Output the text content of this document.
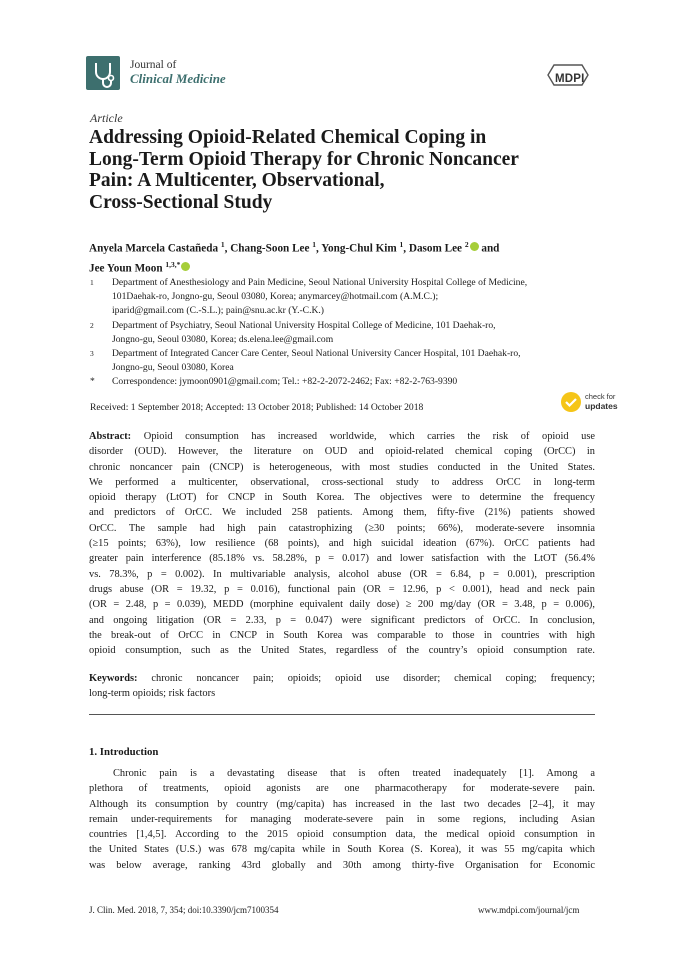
Journal of
Clinical Medicine	MDPI
Article
Addressing Opioid-Related Chemical Coping in
Long-Term Opioid Therapy for Chronic Noncancer
Pain: A Multicenter, Observational,
Cross-Sectional Study
Anyela Marcela Castañeda $^1$, Chang-Soon Lee $^1$, Yong-Chul Kim $^1$, Dasom Lee $^2$ and
Jee Youn Moon $^{1,3,*}$
1 Department of Anesthesiology and Pain Medicine, Seoul National University Hospital College of Medicine,
101Daehak-ro, Jongno-gu, Seoul 03080, Korea; anymarcey@hotmail.com (A.M.C.);
iparid@gmail.com (C.-S.L.); pain@snu.ac.kr (Y.-C.K.)
2 Department of Psychiatry, Seoul National University Hospital College of Medicine, 101 Daehak-ro,
Jongno-gu, Seoul 03080, Korea; ds.elena.lee@gmail.com
3 Department of Integrated Cancer Care Center, Seoul National University Cancer Hospital, 101 Daehak-ro,
Jongno-gu, Seoul 03080, Korea
* Correspondence: jymoon0901@gmail.com; Tel.: +82-2-2072-2462; Fax: +82-2-763-9390
Received: 1 September 2018; Accepted: 13 October 2018; Published: 14 October 2018
check for
updates
Abstract: Opioid consumption has increased worldwide, which carries the risk of opioid use
disorder (OUD). However, the literature on OUD and opioid-related chemical coping (OrCC) in
chronic noncancer pain (CNCP) is heterogeneous, with most studies conducted in the United States.
We performed a multicenter, observational, cross-sectional study to address OrCC in long-term
opioid therapy (LtOT) for CNCP in South Korea. The objectives were to determine the frequency
and predictors of OrCC. We included 258 patients. Among them, fifty-five (21%) patients showed
OrCC. The sample had high pain catastrophizing (≥30 points; 66%), moderate-severe insomnia
(≥15 points; 63%), low resilience (68 points), and high suicidal ideation (67%). OrCC patients had
greater pain interference (85.18% vs. 58.28%, p = 0.017) and lower satisfaction with the LtOT (56.4%
vs. 78.3%, p = 0.002). In multivariable analysis, alcohol abuse (OR = 6.84, p = 0.001), prescription
drugs abuse (OR = 19.32, p = 0.016), functional pain (OR = 12.96, p < 0.001), head and neck pain
(OR = 2.48, p = 0.039), MEDD (morphine equivalent daily dose) ≥ 200 mg/day (OR = 3.48, p = 0.006),
and ongoing litigation (OR = 2.33, p = 0.047) were significant predictors of OrCC. In conclusion,
the break-out of OrCC in CNCP in South Korea was comparable to those in countries with high
opioid consumption, such as the United States, regardless of the country’s opioid consumption rate.
Keywords: chronic noncancer pain; opioids; opioid use disorder; chemical coping; frequency;
long-term opioids; risk factors
1. Introduction
Chronic pain is a devastating disease that is often treated inadequately [1]. Among a
plethora of treatments, opioid agonists are one pharmacotherapy for moderate-severe pain.
Although its consumption by country (mg/capita) has increased in the last two decades [2–4], it may
remain under-requirements for managing moderate-severe pain in some regions, including Asian
countries [1,4,5]. According to the 2015 opioid consumption data, the medical opioid consumption in
the United States (U.S.) was 678 mg/capita while in South Korea (S. Korea), it was 55 mg/capita which
was below average, ranking 43rd globally and 30th among thirty-five Organisation for Economic
J. Clin. Med. 2018, 7, 354; doi:10.3390/jcm7100354	www.mdpi.com/journal/jcm
